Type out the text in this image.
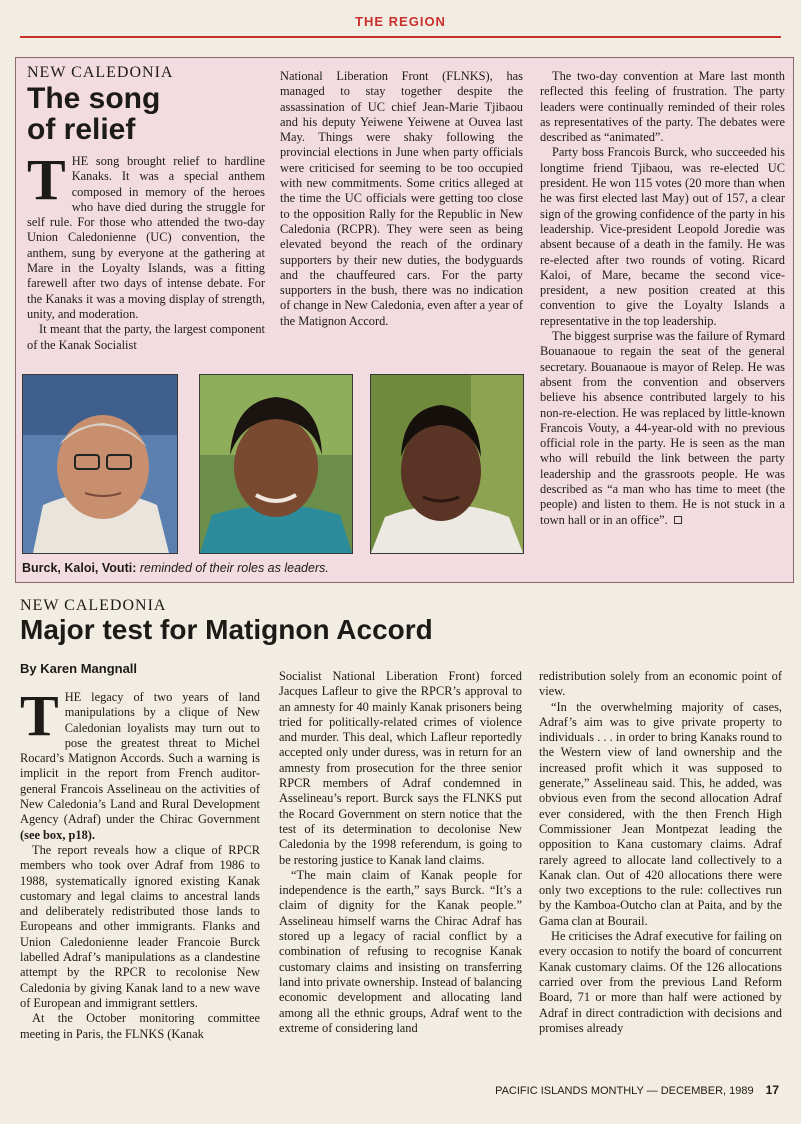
THE REGION
NEW CALEDONIA
The song
of relief

THE song brought relief to hardline Kanaks. It was a special anthem composed in memory of the heroes who have died during the struggle for self rule. For those who attended the two-day Union Caledonienne (UC) convention, the anthem, sung by everyone at the gathering at Mare in the Loyalty Islands, was a fitting farewell after two days of intense debate. For the Kanaks it was a moving display of strength, unity, and moderation.

It meant that the party, the largest component of the Kanak Socialist

National Liberation Front (FLNKS), has managed to stay together despite the assassination of UC chief Jean-Marie Tjibaou and his deputy Yeiwene Yeiwene at Ouvea last May. Things were shaky following the provincial elections in June when party officials were criticised for seeming to be too occupied with new commitments. Some critics alleged at the time the UC officials were getting too close to the opposition Rally for the Republic in New Caledonia (RCPR). They were seen as being elevated beyond the reach of the ordinary supporters by their new duties, the bodyguards and the chauffeured cars. For the party supporters in the bush, there was no indication of change in New Caledonia, even after a year of the Matignon Accord.

The two-day convention at Mare last month reflected this feeling of frustration. The party leaders were continually reminded of their roles as representatives of the party. The debates were described as “animated”.

Party boss Francois Burck, who succeeded his longtime friend Tjibaou, was re-elected UC president. He won 115 votes (20 more than when he was first elected last May) out of 157, a clear sign of the growing confidence of the party in his leadership. Vice-president Leopold Joredie was absent because of a death in the family. He was re-elected after two rounds of voting. Ricard Kaloi, of Mare, became the second vice-president, a new position created at this convention to give the Loyalty Islands a representative in the top leadership.

The biggest surprise was the failure of Rymard Bouanaoue to regain the seat of the general secretary. Bouanaoue is mayor of Relep. He was absent from the convention and observers believe his absence contributed largely to his non-re-election. He was replaced by little-known Francois Vouty, a 44-year-old with no previous official role in the party. He is seen as the man who will rebuild the link between the party leadership and the grassroots people. He was described as “a man who has time to meet (the people) and listen to them. He is not stuck in a town hall or in an office”.

Burck, Kaloi, Vouti: reminded of their roles as leaders.
NEW CALEDONIA
Major test for Matignon Accord
By Karen Mangnall

THE legacy of two years of land manipulations by a clique of New Caledonian loyalists may turn out to pose the greatest threat to Michel Rocard’s Matignon Accords. Such a warning is implicit in the report from French auditor-general Francois Asselineau on the activities of New Caledonia’s Land and Rural Development Agency (Adraf) under the Chirac Government (see box, p18).

The report reveals how a clique of RPCR members who took over Adraf from 1986 to 1988, systematically ignored existing Kanak customary and legal claims to ancestral lands and deliberately redistributed those lands to Europeans and other immigrants. Flanks and Union Caledonienne leader Francoie Burck labelled Adraf’s manipulations as a clandestine attempt by the RPCR to recolonise New Caledonia by giving Kanak land to a new wave of European and immigrant settlers.

At the October monitoring committee meeting in Paris, the FLNKS (Kanak

Socialist National Liberation Front) forced Jacques Lafleur to give the RPCR’s approval to an amnesty for 40 mainly Kanak prisoners being tried for politically-related crimes of violence and murder. This deal, which Lafleur reportedly accepted only under duress, was in return for an amnesty from prosecution for the three senior RPCR members of Adraf condemned in Asselineau’s report. Burck says the FLNKS put the Rocard Government on stern notice that the test of its determination to decolonise New Caledonia by the 1998 referendum, is going to be restoring justice to Kanak land claims.

“The main claim of Kanak people for independence is the earth,” says Burck. “It’s a claim of dignity for the Kanak people.” Asselineau himself warns the Chirac Adraf has stored up a legacy of racial conflict by a combination of refusing to recognise Kanak customary claims and insisting on transferring land into private ownership. Instead of balancing economic development and allocating land among all the ethnic groups, Adraf went to the extreme of considering land

redistribution solely from an economic point of view.

“In the overwhelming majority of cases, Adraf’s aim was to give private property to individuals . . . in order to bring Kanaks round to the Western view of land ownership and the increased profit which it was supposed to generate,” Asselineau said. This, he added, was obvious even from the second allocation Adraf ever considered, with the then French High Commissioner Jean Montpezat leading the opposition to Kana customary claims. Adraf rarely agreed to allocate land collectively to a Kanak clan. Out of 420 allocations there were only two exceptions to the rule: collectives run by the Kamboa-Outcho clan at Paita, and by the Gama clan at Bourail.

He criticises the Adraf executive for failing on every occasion to notify the board of concurrent Kanak customary claims. Of the 126 allocations carried over from the previous Land Reform Board, 71 or more than half were actioned by Adraf in direct contradiction with decisions and promises already

PACIFIC ISLANDS MONTHLY — DECEMBER, 1989 17
